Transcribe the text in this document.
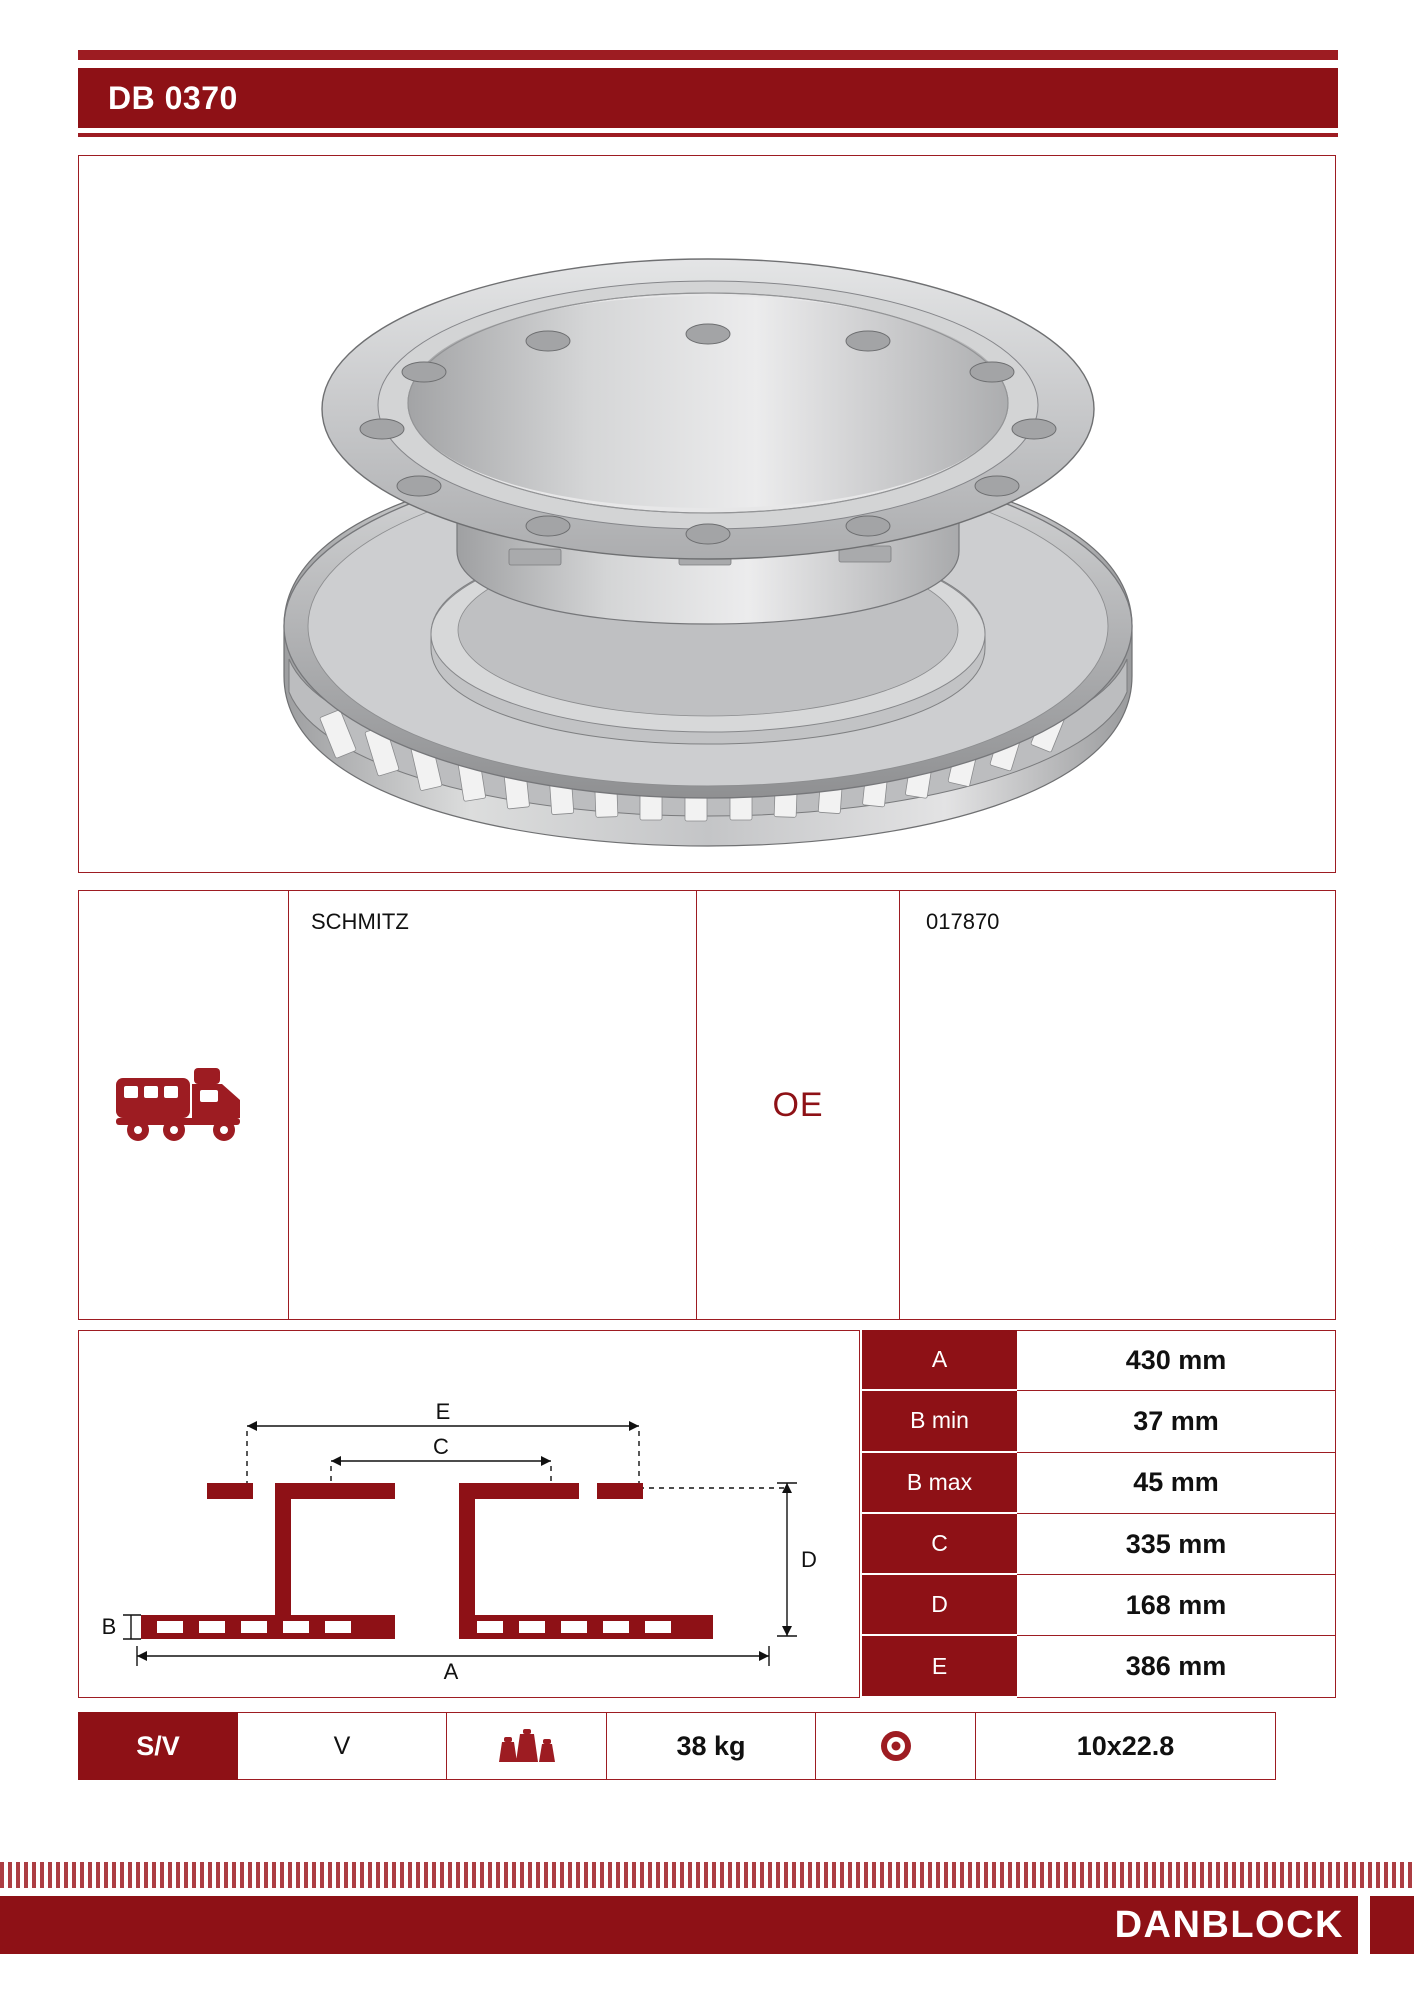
DB 0370
SCHMITZ
OE
017870
E
C
A
D
B
A	430 mm
B min	37 mm
B max	45 mm
C	335 mm
D	168 mm
E	386 mm
S/V	V	38 kg	10x22.8
DANBLOCK
